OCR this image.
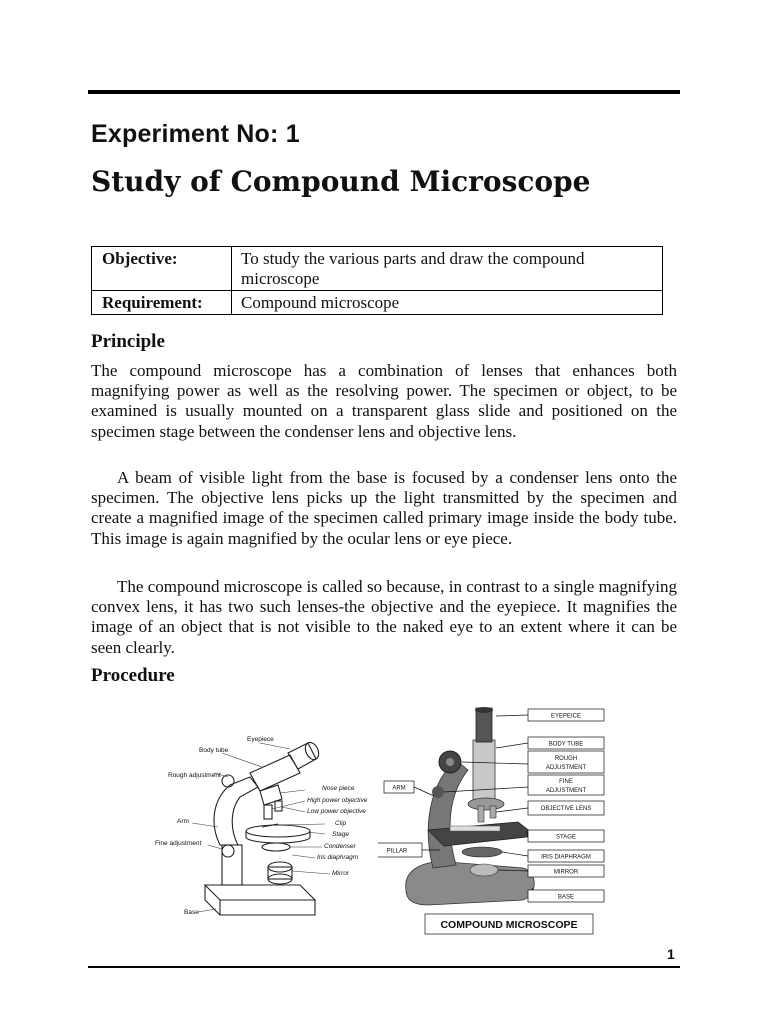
Experiment No: 1
Study of Compound Microscope
Objective:	To study the various parts and draw the compound microscope
Requirement:	Compound microscope
Principle

The compound microscope has a combination of lenses that enhances both magnifying power as well as the resolving power. The specimen or object, to be examined is usually mounted on a transparent glass slide and positioned on the specimen stage between the condenser lens and objective lens.

A beam of visible light from the base is focused by a condenser lens onto the specimen. The objective lens picks up the light transmitted by the specimen and create a magnified image of the specimen called primary image inside the body tube. This image is again magnified by the ocular lens or eye piece.

The compound microscope is called so because, in contrast to a single magnifying convex lens, it has two such lenses-the objective and the eyepiece. It magnifies the image of an object that is not visible to the naked eye to an extent where it can be seen clearly.

Procedure
Eyepiece
Body tube
Rough adjustment
Nose piece
High power objective
Low power objective
Arm	Clip
Stage
Fine adjustment	Condenser
Iris diaphragm
Mirror
Base
EYEPEICE
BODY TUBE
ROUGH
ADJUSTMENT
FINE
ADJUSTMENT
ARM
OBJECTIVE LENS
STAGE
PILLAR
IRIS DIAPHRAGM
MIRROR
BASE
COMPOUND MICROSCOPE
1
